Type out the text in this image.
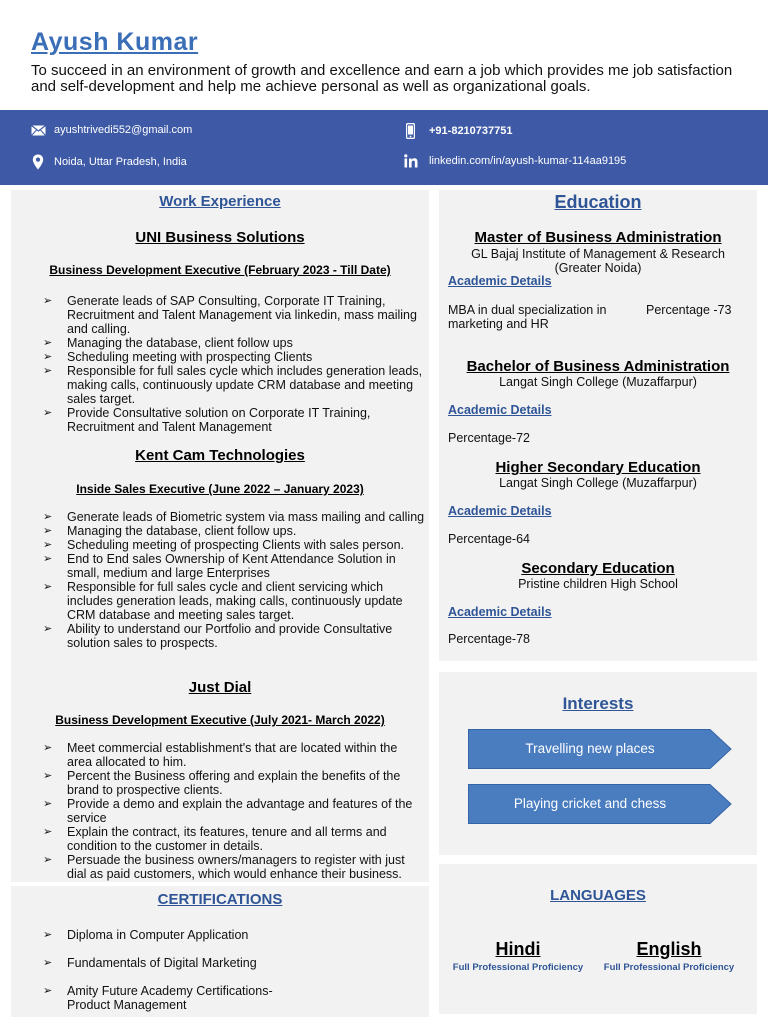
Ayush Kumar

To succeed in an environment of growth and excellence and earn a job which provides me job satisfaction and self-development and help me achieve personal as well as organizational goals.

ayushtrivedi552@gmail.com	+91-8210737751
Noida, Uttar Pradesh, India	linkedin.com/in/ayush-kumar-114aa9195
Work Experience
UNI Business Solutions
Business Development Executive (February 2023 - Till Date)
➢ Generate leads of SAP Consulting, Corporate IT Training, Recruitment and Talent Management via linkedin, mass mailing and calling.
➢ Managing the database, client follow ups
➢ Scheduling meeting with prospecting Clients
➢ Responsible for full sales cycle which includes generation leads, making calls, continuously update CRM database and meeting sales target.
➢ Provide Consultative solution on Corporate IT Training, Recruitment and Talent Management
Kent Cam Technologies
Inside Sales Executive (June 2022 – January 2023)
➢ Generate leads of Biometric system via mass mailing and calling
➢ Managing the database, client follow ups.
➢ Scheduling meeting of prospecting Clients with sales person.
➢ End to End sales Ownership of Kent Attendance Solution in small, medium and large Enterprises
➢ Responsible for full sales cycle and client servicing which includes generation leads, making calls, continuously update CRM database and meeting sales target.
➢ Ability to understand our Portfolio and provide Consultative solution sales to prospects.
Just Dial
Business Development Executive (July 2021- March 2022)
➢ Meet commercial establishment's that are located within the area allocated to him.
➢ Percent the Business offering and explain the benefits of the brand to prospective clients.
➢ Provide a demo and explain the advantage and features of the service
➢ Explain the contract, its features, tenure and all terms and condition to the customer in details.
➢ Persuade the business owners/managers to register with just dial as paid customers, which would enhance their business.
CERTIFICATIONS
➢ Diploma in Computer Application
➢ Fundamentals of Digital Marketing
➢ Amity Future Academy Certifications- Product Management
Education
Master of Business Administration
GL Bajaj Institute of Management & Research (Greater Noida)
Academic Details
MBA in dual specialization in marketing and HR
Percentage -73
Bachelor of Business Administration
Langat Singh College (Muzaffarpur)
Academic Details
Percentage-72
Higher Secondary Education
Langat Singh College (Muzaffarpur)
Academic Details
Percentage-64
Secondary Education
Pristine children High School
Academic Details
Percentage-78
Interests
Travelling new places
Playing cricket and chess
LANGUAGES
Hindi
Full Professional Proficiency
English
Full Professional Proficiency
